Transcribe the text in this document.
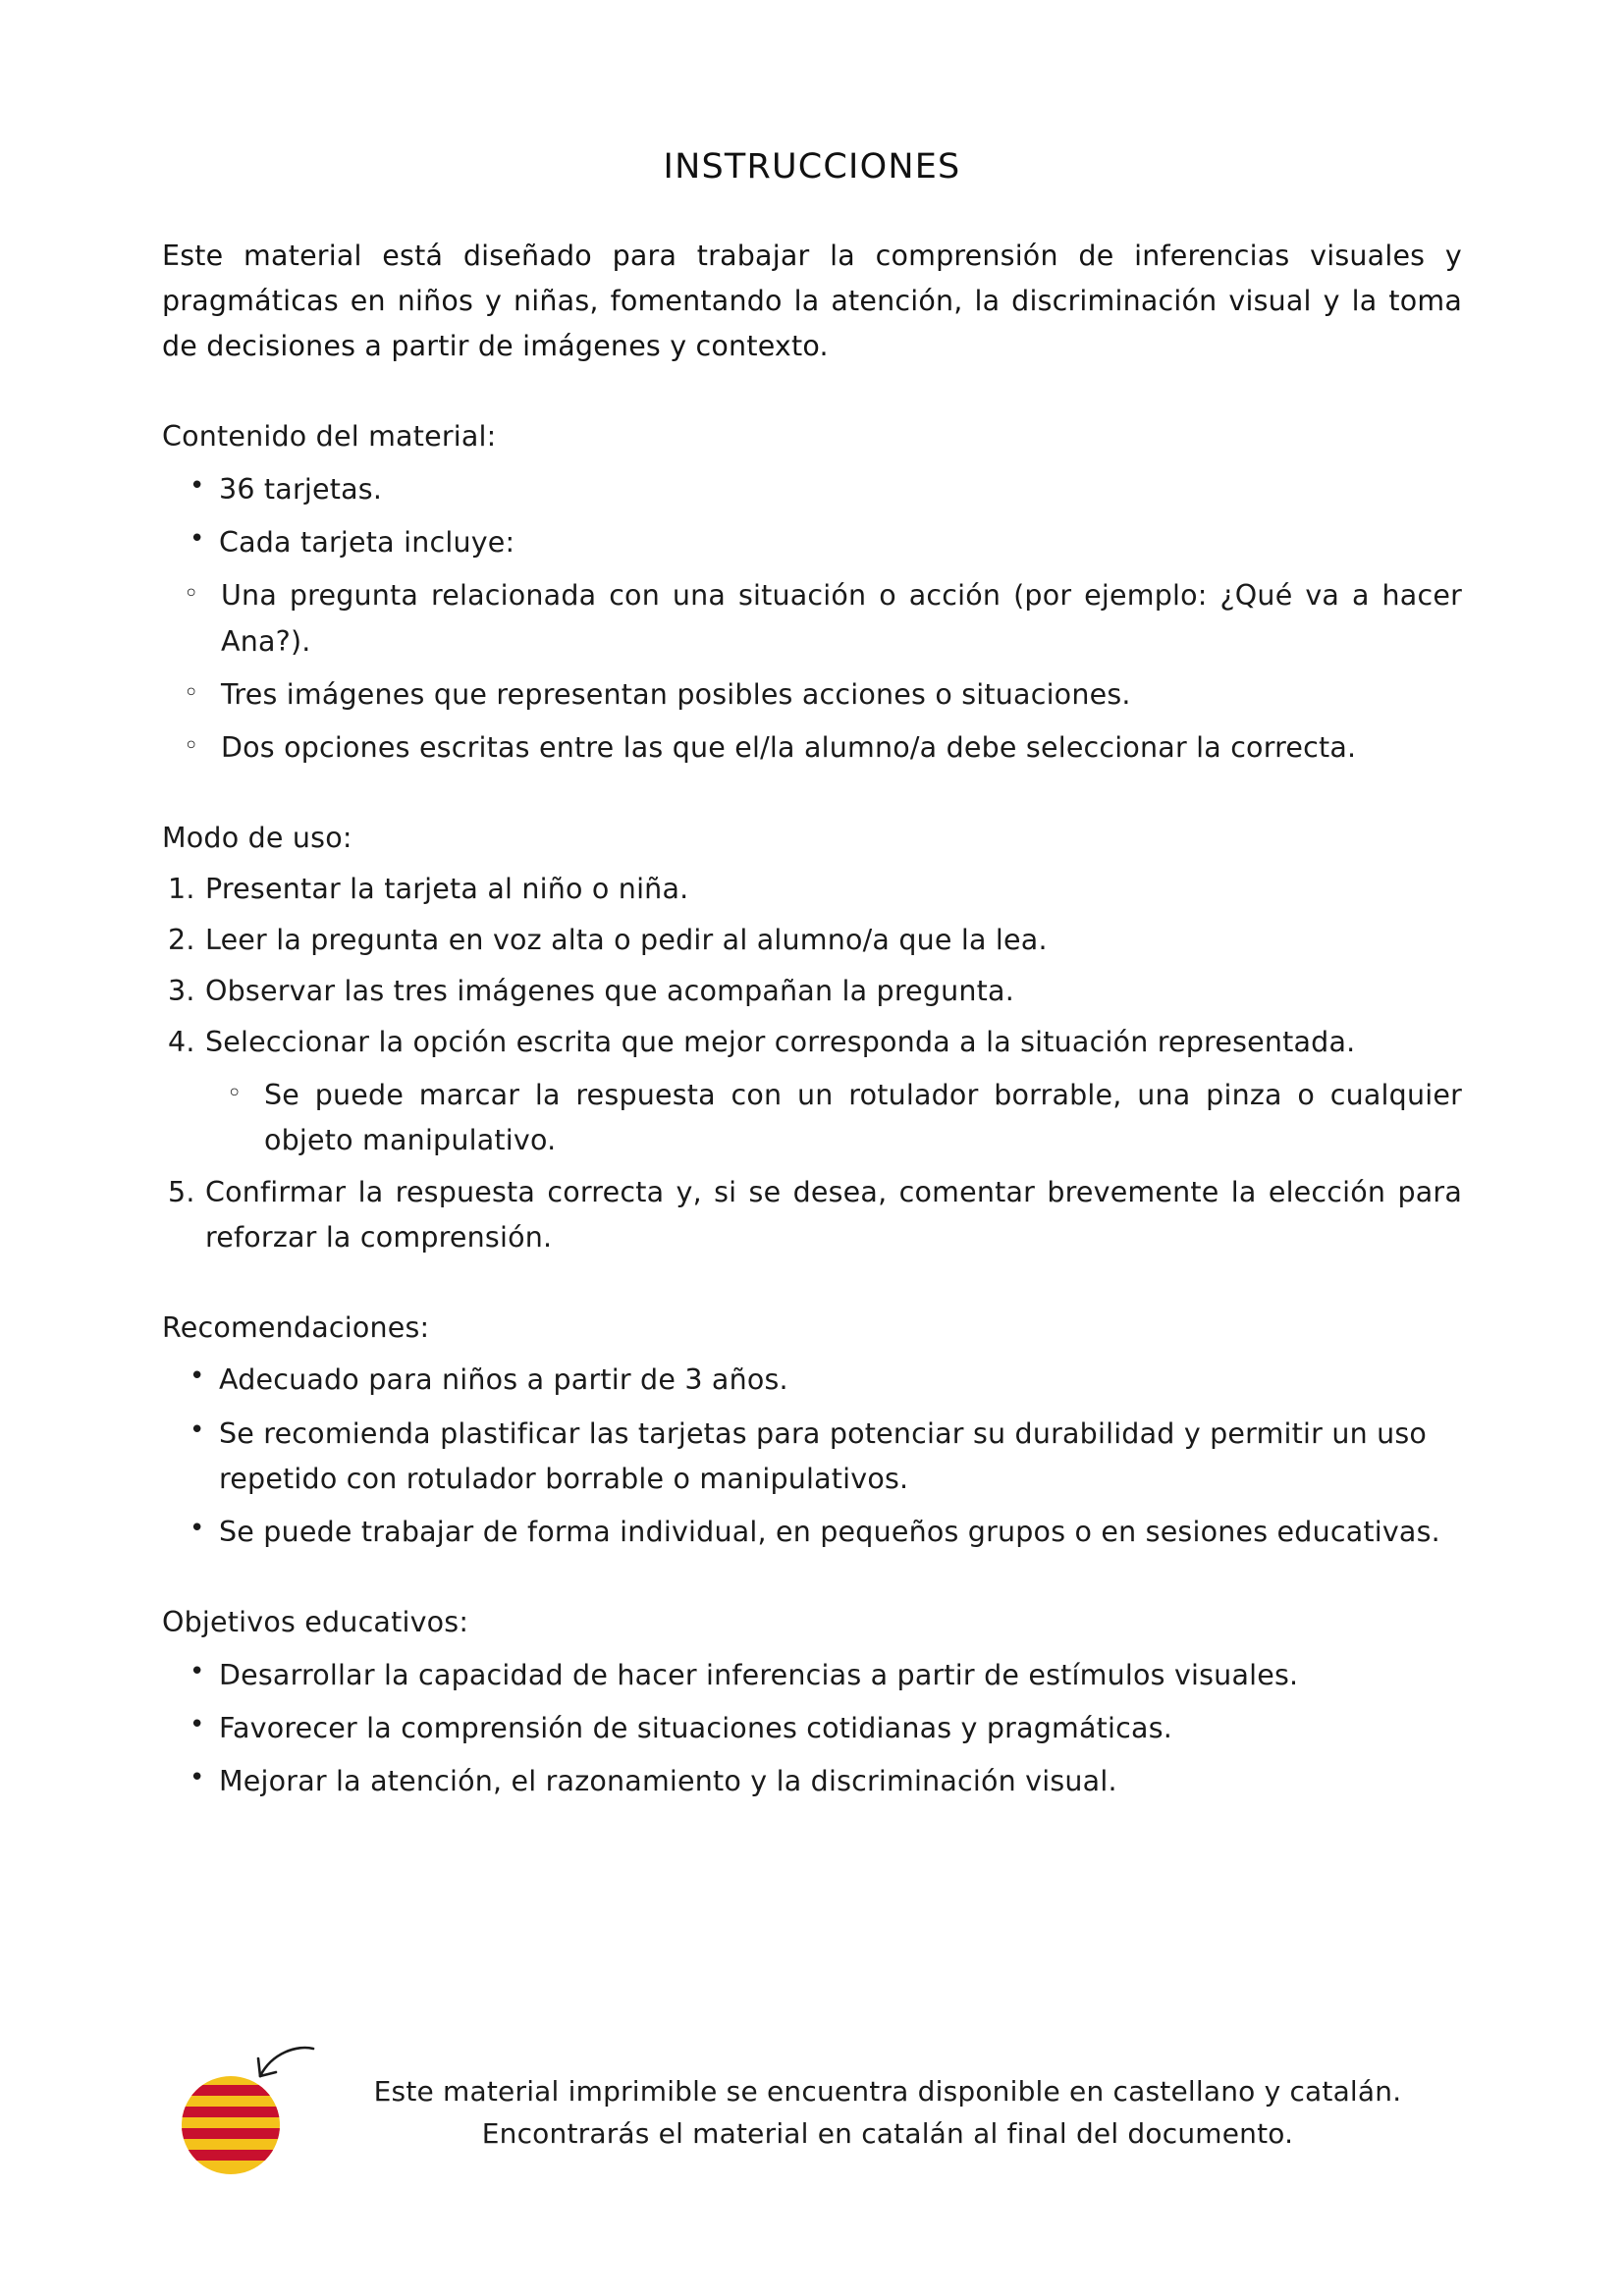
INSTRUCCIONES

Este material está diseñado para trabajar la comprensión de inferencias visuales y pragmáticas en niños y niñas, fomentando la atención, la discriminación visual y la toma de decisiones a partir de imágenes y contexto.

Contenido del material:
• 36 tarjetas.
• Cada tarjeta incluye:
◦ Una pregunta relacionada con una situación o acción (por ejemplo: ¿Qué va a hacer Ana?).
◦ Tres imágenes que representan posibles acciones o situaciones.
◦ Dos opciones escritas entre las que el/la alumno/a debe seleccionar la correcta.
Modo de uso:
Presentar la tarjeta al niño o niña.
Leer la pregunta en voz alta o pedir al alumno/a que la lea.
Observar las tres imágenes que acompañan la pregunta.
Seleccionar la opción escrita que mejor corresponda a la situación representada.
◦ Se puede marcar la respuesta con un rotulador borrable, una pinza o cualquier objeto manipulativo.
Confirmar la respuesta correcta y, si se desea, comentar brevemente la elección para reforzar la comprensión.
Recomendaciones:
• Adecuado para niños a partir de 3 años.
• Se recomienda plastificar las tarjetas para potenciar su durabilidad y permitir un uso repetido con rotulador borrable o manipulativos.
• Se puede trabajar de forma individual, en pequeños grupos o en sesiones educativas.
Objetivos educativos:
• Desarrollar la capacidad de hacer inferencias a partir de estímulos visuales.
• Favorecer la comprensión de situaciones cotidianas y pragmáticas.
• Mejorar la atención, el razonamiento y la discriminación visual.
Este material imprimible se encuentra disponible en castellano y catalán.
Encontrarás el material en catalán al final del documento.
